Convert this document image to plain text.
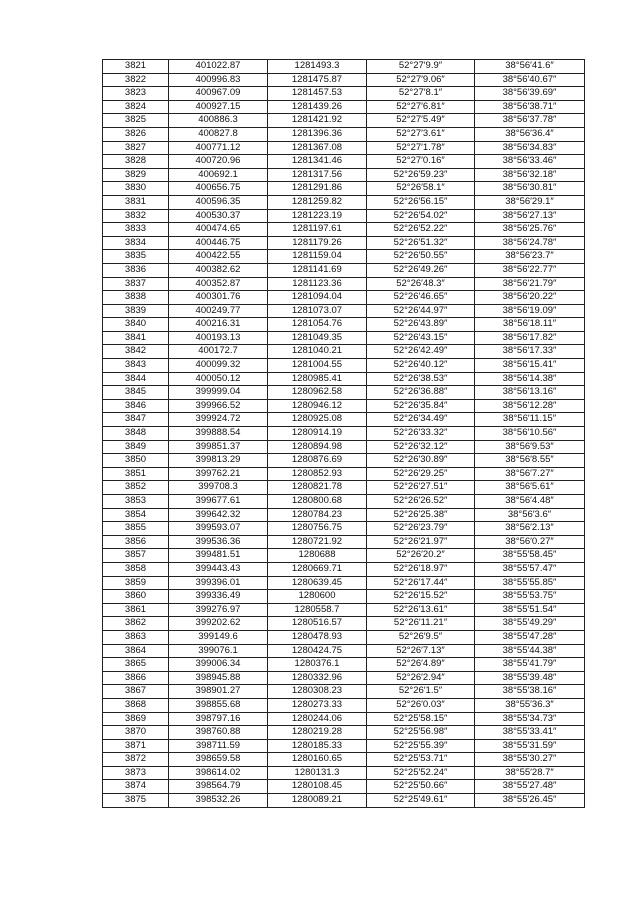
3821	401022.87	1281493.3	52°27′9.9″	38°56′41.6″
3822	400996.83	1281475.87	52°27′9.06″	38°56′40.67″
3823	400967.09	1281457.53	52°27′8.1″	38°56′39.69″
3824	400927.15	1281439.26	52°27′6.81″	38°56′38.71″
3825	400886.3	1281421.92	52°27′5.49″	38°56′37.78″
3826	400827.8	1281396.36	52°27′3.61″	38°56′36.4″
3827	400771.12	1281367.08	52°27′1.78″	38°56′34.83″
3828	400720.96	1281341.46	52°27′0.16″	38°56′33.46″
3829	400692.1	1281317.56	52°26′59.23″	38°56′32.18″
3830	400656.75	1281291.86	52°26′58.1″	38°56′30.81″
3831	400596.35	1281259.82	52°26′56.15″	38°56′29.1″
3832	400530.37	1281223.19	52°26′54.02″	38°56′27.13″
3833	400474.65	1281197.61	52°26′52.22″	38°56′25.76″
3834	400446.75	1281179.26	52°26′51.32″	38°56′24.78″
3835	400422.55	1281159.04	52°26′50.55″	38°56′23.7″
3836	400382.62	1281141.69	52°26′49.26″	38°56′22.77″
3837	400352.87	1281123.36	52°26′48.3″	38°56′21.79″
3838	400301.76	1281094.04	52°26′46.65″	38°56′20.22″
3839	400249.77	1281073.07	52°26′44.97″	38°56′19.09″
3840	400216.31	1281054.76	52°26′43.89″	38°56′18.11″
3841	400193.13	1281049.35	52°26′43.15″	38°56′17.82″
3842	400172.7	1281040.21	52°26′42.49″	38°56′17.33″
3843	400099.32	1281004.55	52°26′40.12″	38°56′15.41″
3844	400050.12	1280985.41	52°26′38.53″	38°56′14.38″
3845	399999.04	1280962.58	52°26′36.88″	38°56′13.16″
3846	399966.52	1280946.12	52°26′35.84″	38°56′12.28″
3847	399924.72	1280925.08	52°26′34.49″	38°56′11.15″
3848	399888.54	1280914.19	52°26′33.32″	38°56′10.56″
3849	399851.37	1280894.98	52°26′32.12″	38°56′9.53″
3850	399813.29	1280876.69	52°26′30.89″	38°56′8.55″
3851	399762.21	1280852.93	52°26′29.25″	38°56′7.27″
3852	399708.3	1280821.78	52°26′27.51″	38°56′5.61″
3853	399677.61	1280800.68	52°26′26.52″	38°56′4.48″
3854	399642.32	1280784.23	52°26′25.38″	38°56′3.6″
3855	399593.07	1280756.75	52°26′23.79″	38°56′2.13″
3856	399536.36	1280721.92	52°26′21.97″	38°56′0.27″
3857	399481.51	1280688	52°26′20.2″	38°55′58.45″
3858	399443.43	1280669.71	52°26′18.97″	38°55′57.47″
3859	399396.01	1280639.45	52°26′17.44″	38°55′55.85″
3860	399336.49	1280600	52°26′15.52″	38°55′53.75″
3861	399276.97	1280558.7	52°26′13.61″	38°55′51.54″
3862	399202.62	1280516.57	52°26′11.21″	38°55′49.29″
3863	399149.6	1280478.93	52°26′9.5″	38°55′47.28″
3864	399076.1	1280424.75	52°26′7.13″	38°55′44.38″
3865	399006.34	1280376.1	52°26′4.89″	38°55′41.79″
3866	398945.88	1280332.96	52°26′2.94″	38°55′39.48″
3867	398901.27	1280308.23	52°26′1.5″	38°55′38.16″
3868	398855.68	1280273.33	52°26′0.03″	38°55′36.3″
3869	398797.16	1280244.06	52°25′58.15″	38°55′34.73″
3870	398760.88	1280219.28	52°25′56.98″	38°55′33.41″
3871	398711.59	1280185.33	52°25′55.39″	38°55′31.59″
3872	398659.58	1280160.65	52°25′53.71″	38°55′30.27″
3873	398614.02	1280131.3	52°25′52.24″	38°55′28.7″
3874	398564.79	1280108.45	52°25′50.66″	38°55′27.48″
3875	398532.26	1280089.21	52°25′49.61″	38°55′26.45″
